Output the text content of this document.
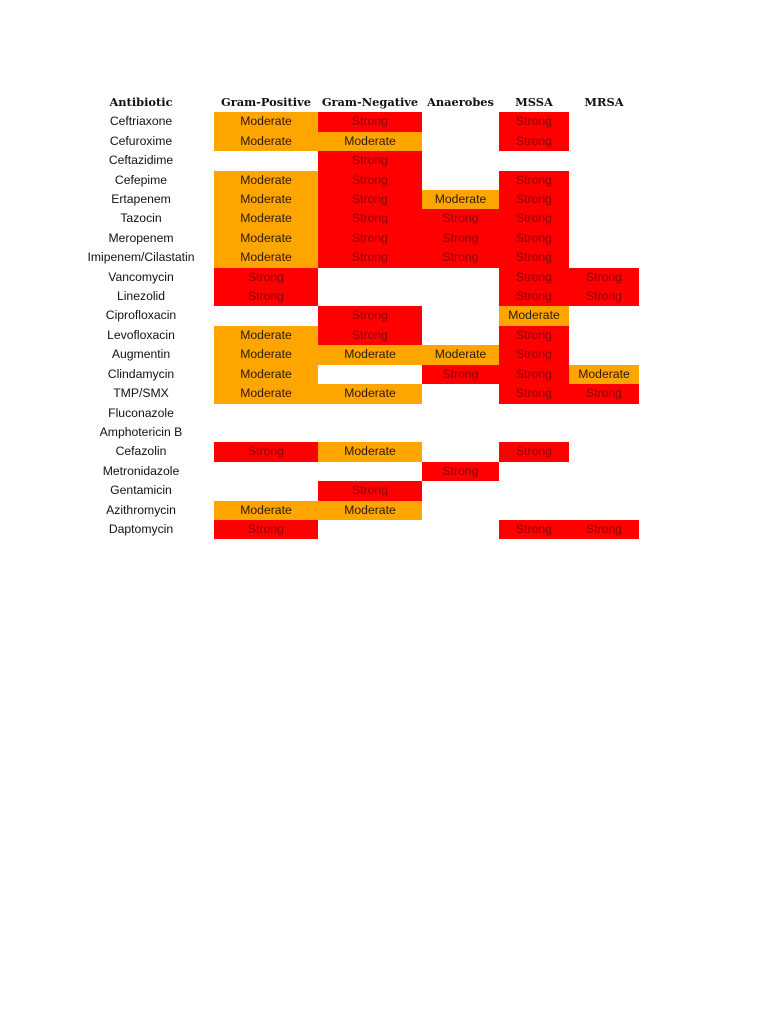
Antibiotic	Gram-Positive	Gram-Negative	Anaerobes	MSSA	MRSA
Ceftriaxone	Moderate	Strong		Strong	
Cefuroxime	Moderate	Moderate		Strong	
Ceftazidime		Strong			
Cefepime	Moderate	Strong		Strong	
Ertapenem	Moderate	Strong	Moderate	Strong	
Tazocin	Moderate	Strong	Strong	Strong	
Meropenem	Moderate	Strong	Strong	Strong	
Imipenem/Cilastatin	Moderate	Strong	Strong	Strong	
Vancomycin	Strong			Strong	Strong
Linezolid	Strong			Strong	Strong
Ciprofloxacin		Strong		Moderate	
Levofloxacin	Moderate	Strong		Strong	
Augmentin	Moderate	Moderate	Moderate	Strong	
Clindamycin	Moderate		Strong	Strong	Moderate
TMP/SMX	Moderate	Moderate		Strong	Strong
Fluconazole					
Amphotericin B					
Cefazolin	Strong	Moderate		Strong	
Metronidazole			Strong		
Gentamicin		Strong			
Azithromycin	Moderate	Moderate			
Daptomycin	Strong			Strong	Strong
